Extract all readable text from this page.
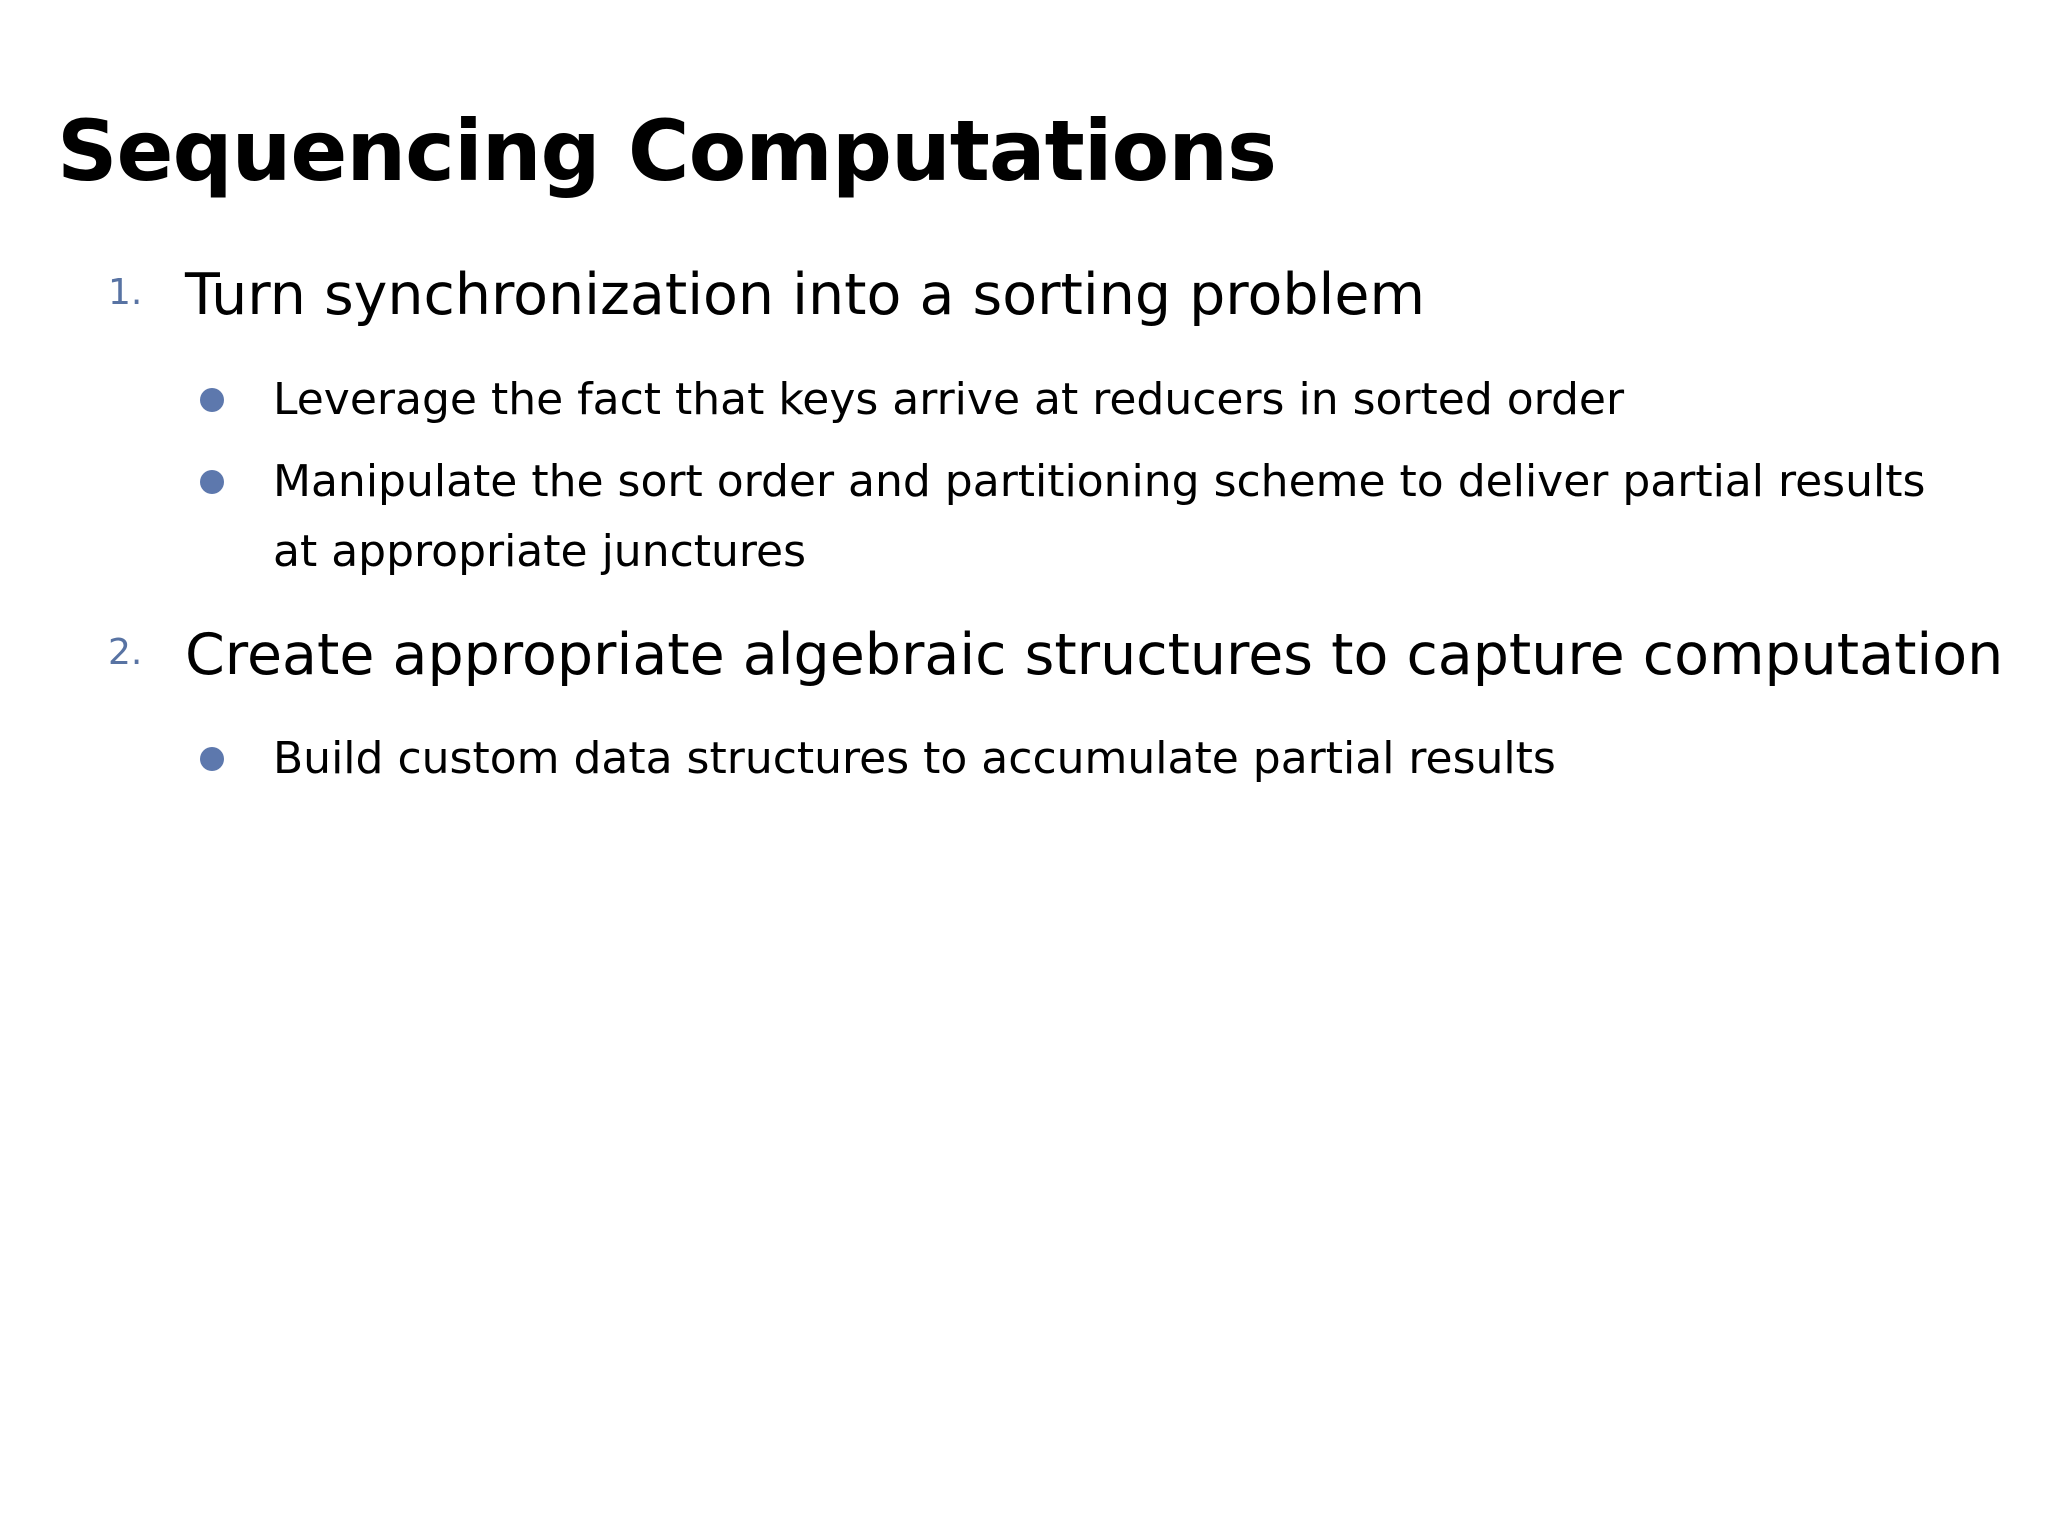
Sequencing Computations
1. Turn synchronization into a sorting problem
Leverage the fact that keys arrive at reducers in sorted order
Manipulate the sort order and partitioning scheme to deliver partial results at appropriate junctures
2. Create appropriate algebraic structures to capture computation
Build custom data structures to accumulate partial results
